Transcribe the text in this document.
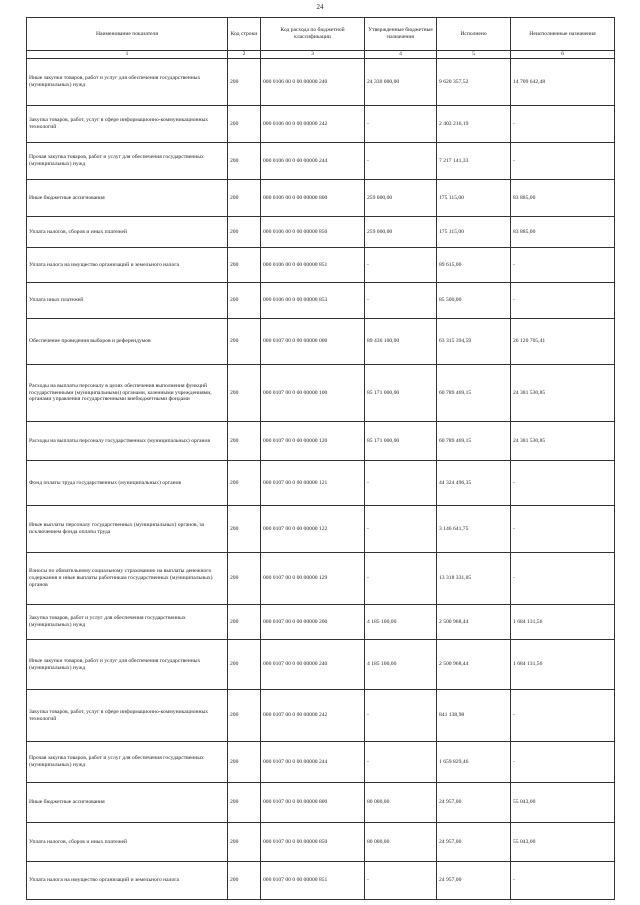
24
Наименование показателя	Код строки	Код расхода по бюджетной классификации	Утвержденные бюджетные назначения	Исполнено	Неисполненные назначения
1	2	3	4	5	6
Иные закупки товаров, работ и услуг для обеспечения государственных (муниципальных) нужд	200	000 0106 00 0 00 00000 240	24 330 000,00	9 620 357,52	14 709 642,48
Закупка товаров, работ, услуг в сфере информационно-коммуникационных технологий	200	000 0106 00 0 00 00000 242	-	2 403 216,19	-
Прочая закупка товаров, работ и услуг для обеспечения государственных (муниципальных) нужд	200	000 0106 00 0 00 00000 244	-	7 217 141,33	-
Иные бюджетные ассигнования	200	000 0106 00 0 00 00000 800	259 000,00	175 115,00	83 885,00
Уплата налогов, сборов и иных платежей	200	000 0106 00 0 00 00000 850	259 000,00	175 115,00	83 885,00
Уплата налога на имущество организаций и земельного налога	200	000 0106 00 0 00 00000 851	-	89 615,00	-
Уплата иных платежей	200	000 0106 00 0 00 00000 853	-	85 500,00	-
Обеспечение проведения выборов и референдумов	200	000 0107 00 0 00 00000 000	89 436 100,00	63 315 394,59	26 120 705,41
Расходы на выплаты персоналу в целях обеспечения выполнения функций государственными (муниципальными) органами, казенными учреждениями, органами управления государственными внебюджетными фондами	200	000 0107 00 0 00 00000 100	85 171 000,00	60 789 469,15	24 381 530,85
Расходы на выплаты персоналу государственных (муниципальных) органов	200	000 0107 00 0 00 00000 120	85 171 000,00	60 789 469,15	24 381 530,85
Фонд оплаты труда государственных (муниципальных) органов	200	000 0107 00 0 00 00000 121	-	44 324 496,35	-
Иные выплаты персоналу государственных (муниципальных) органов, за исключением фонда оплаты труда	200	000 0107 00 0 00 00000 122	-	3 146 641,75	-
Взносы по обязательному социальному страхованию на выплаты денежного содержания и иные выплаты работникам государственных (муниципальных) органов	200	000 0107 00 0 00 00000 129	-	13 318 331,05	-
Закупка товаров, работ и услуг для обеспечения государственных (муниципальных) нужд	200	000 0107 00 0 00 00000 200	4 185 100,00	2 500 968,44	1 684 131,56
Иные закупки товаров, работ и услуг для обеспечения государственных (муниципальных) нужд	200	000 0107 00 0 00 00000 240	4 185 100,00	2 500 968,44	1 684 131,56
Закупка товаров, работ, услуг в сфере информационно-коммуникационных технологий	200	000 0107 00 0 00 00000 242	-	841 138,98	-
Прочая закупка товаров, работ и услуг для обеспечения государственных (муниципальных) нужд	200	000 0107 00 0 00 00000 244	-	1 659 829,46	-
Иные бюджетные ассигнования	200	000 0107 00 0 00 00000 800	80 000,00	24 957,00	55 043,00
Уплата налогов, сборов и иных платежей	200	000 0107 00 0 00 00000 850	80 000,00	24 957,00	55 043,00
Уплата налога на имущество организаций и земельного налога	200	000 0107 00 0 00 00000 851	-	24 957,00	-
